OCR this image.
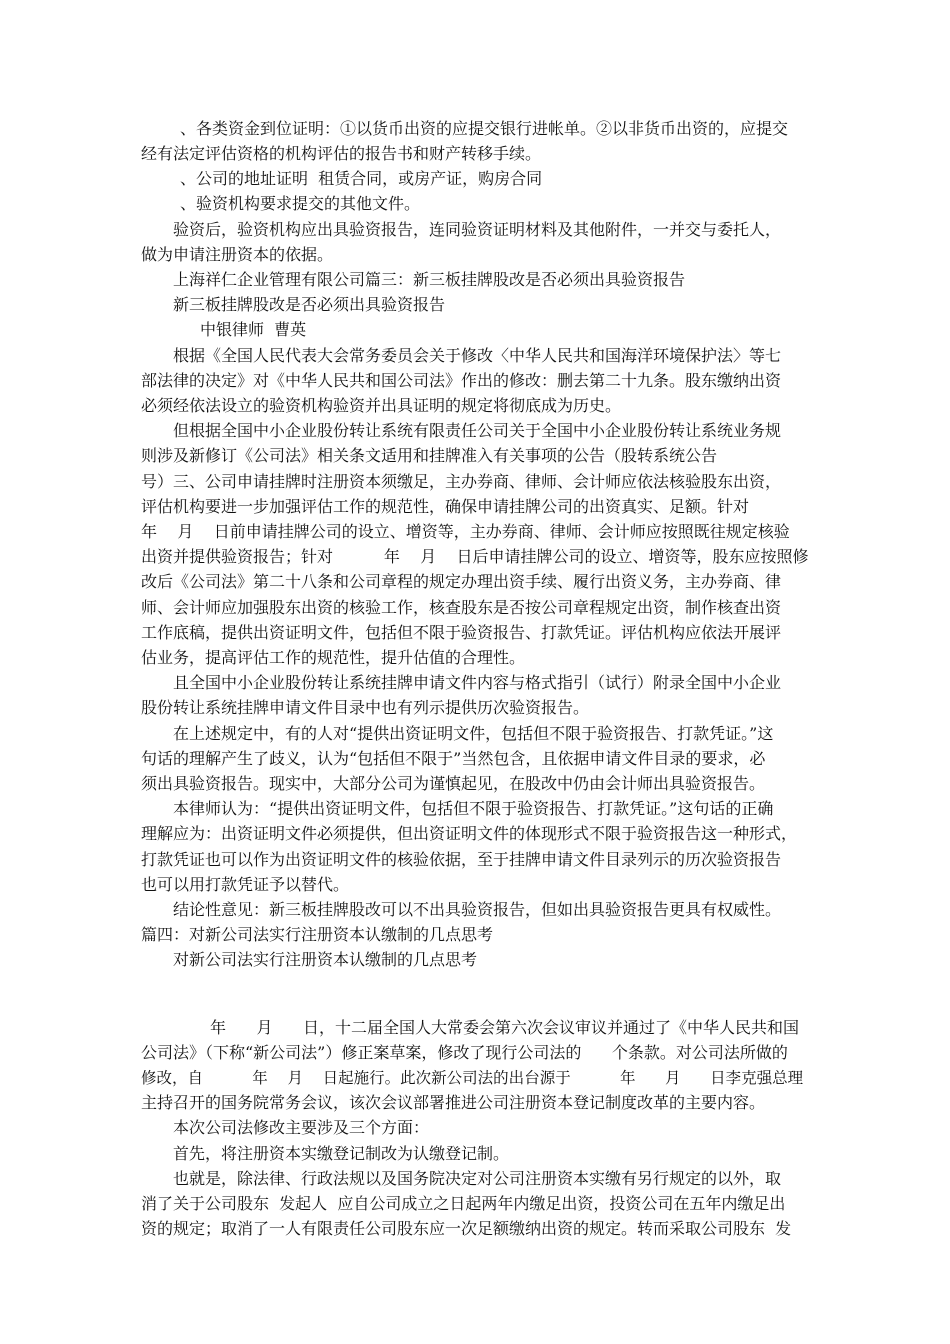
、各类资金到位证明：①以货币出资的应提交银行进帐单。②以非货币出资的，应提交
经有法定评估资格的机构评估的报告书和财产转移手续。
、公司的地址证明  租赁合同，或房产证，购房合同
、验资机构要求提交的其他文件。
验资后，验资机构应出具验资报告，连同验资证明材料及其他附件，一并交与委托人，
做为申请注册资本的依据。
上海祥仁企业管理有限公司篇三：新三板挂牌股改是否必须出具验资报告
新三板挂牌股改是否必须出具验资报告
中银律师  曹英
根据《全国人民代表大会常务委员会关于修改〈中华人民共和国海洋环境保护法〉等七
部法律的决定》对《中华人民共和国公司法》作出的修改：删去第二十九条。股东缴纳出资
必须经依法设立的验资机构验资并出具证明的规定将彻底成为历史。
但根据全国中小企业股份转让系统有限责任公司关于全国中小企业股份转让系统业务规
则涉及新修订《公司法》相关条文适用和挂牌准入有关事项的公告（股转系统公告
号）三、公司申请挂牌时注册资本须缴足，主办券商、律师、会计师应依法核验股东出资，
评估机构要进一步加强评估工作的规范性，确保申请挂牌公司的出资真实、足额。针对
年    月    日前申请挂牌公司的设立、增资等，主办券商、律师、会计师应按照既往规定核验
出资并提供验资报告；针对          年    月    日后申请挂牌公司的设立、增资等，股东应按照修
改后《公司法》第二十八条和公司章程的规定办理出资手续、履行出资义务，主办券商、律
师、会计师应加强股东出资的核验工作，核查股东是否按公司章程规定出资，制作核查出资
工作底稿，提供出资证明文件，包括但不限于验资报告、打款凭证。评估机构应依法开展评
估业务，提高评估工作的规范性，提升估值的合理性。
且全国中小企业股份转让系统挂牌申请文件内容与格式指引（试行）附录全国中小企业
股份转让系统挂牌申请文件目录中也有列示提供历次验资报告。
在上述规定中，有的人对“提供出资证明文件，包括但不限于验资报告、打款凭证。”这
句话的理解产生了歧义，认为“包括但不限于”当然包含，且依据申请文件目录的要求，必
须出具验资报告。现实中，大部分公司为谨慎起见，在股改中仍由会计师出具验资报告。
本律师认为：“提供出资证明文件，包括但不限于验资报告、打款凭证。”这句话的正确
理解应为：出资证明文件必须提供，但出资证明文件的体现形式不限于验资报告这一种形式，
打款凭证也可以作为出资证明文件的核验依据，至于挂牌申请文件目录列示的历次验资报告
也可以用打款凭证予以替代。
结论性意见：新三板挂牌股改可以不出具验资报告，但如出具验资报告更具有权威性。
篇四：对新公司法实行注册资本认缴制的几点思考
对新公司法实行注册资本认缴制的几点思考
年      月      日，十二届全国人大常委会第六次会议审议并通过了《中华人民共和国
公司法》（下称“新公司法”）修正案草案，修改了现行公司法的      个条款。对公司法所做的
修改，自          年    月    日起施行。此次新公司法的出台源于          年      月      日李克强总理
主持召开的国务院常务会议，该次会议部署推进公司注册资本登记制度改革的主要内容。
本次公司法修改主要涉及三个方面：
首先，将注册资本实缴登记制改为认缴登记制。
也就是，除法律、行政法规以及国务院决定对公司注册资本实缴有另行规定的以外，取
消了关于公司股东  发起人  应自公司成立之日起两年内缴足出资，投资公司在五年内缴足出
资的规定；取消了一人有限责任公司股东应一次足额缴纳出资的规定。转而采取公司股东  发
